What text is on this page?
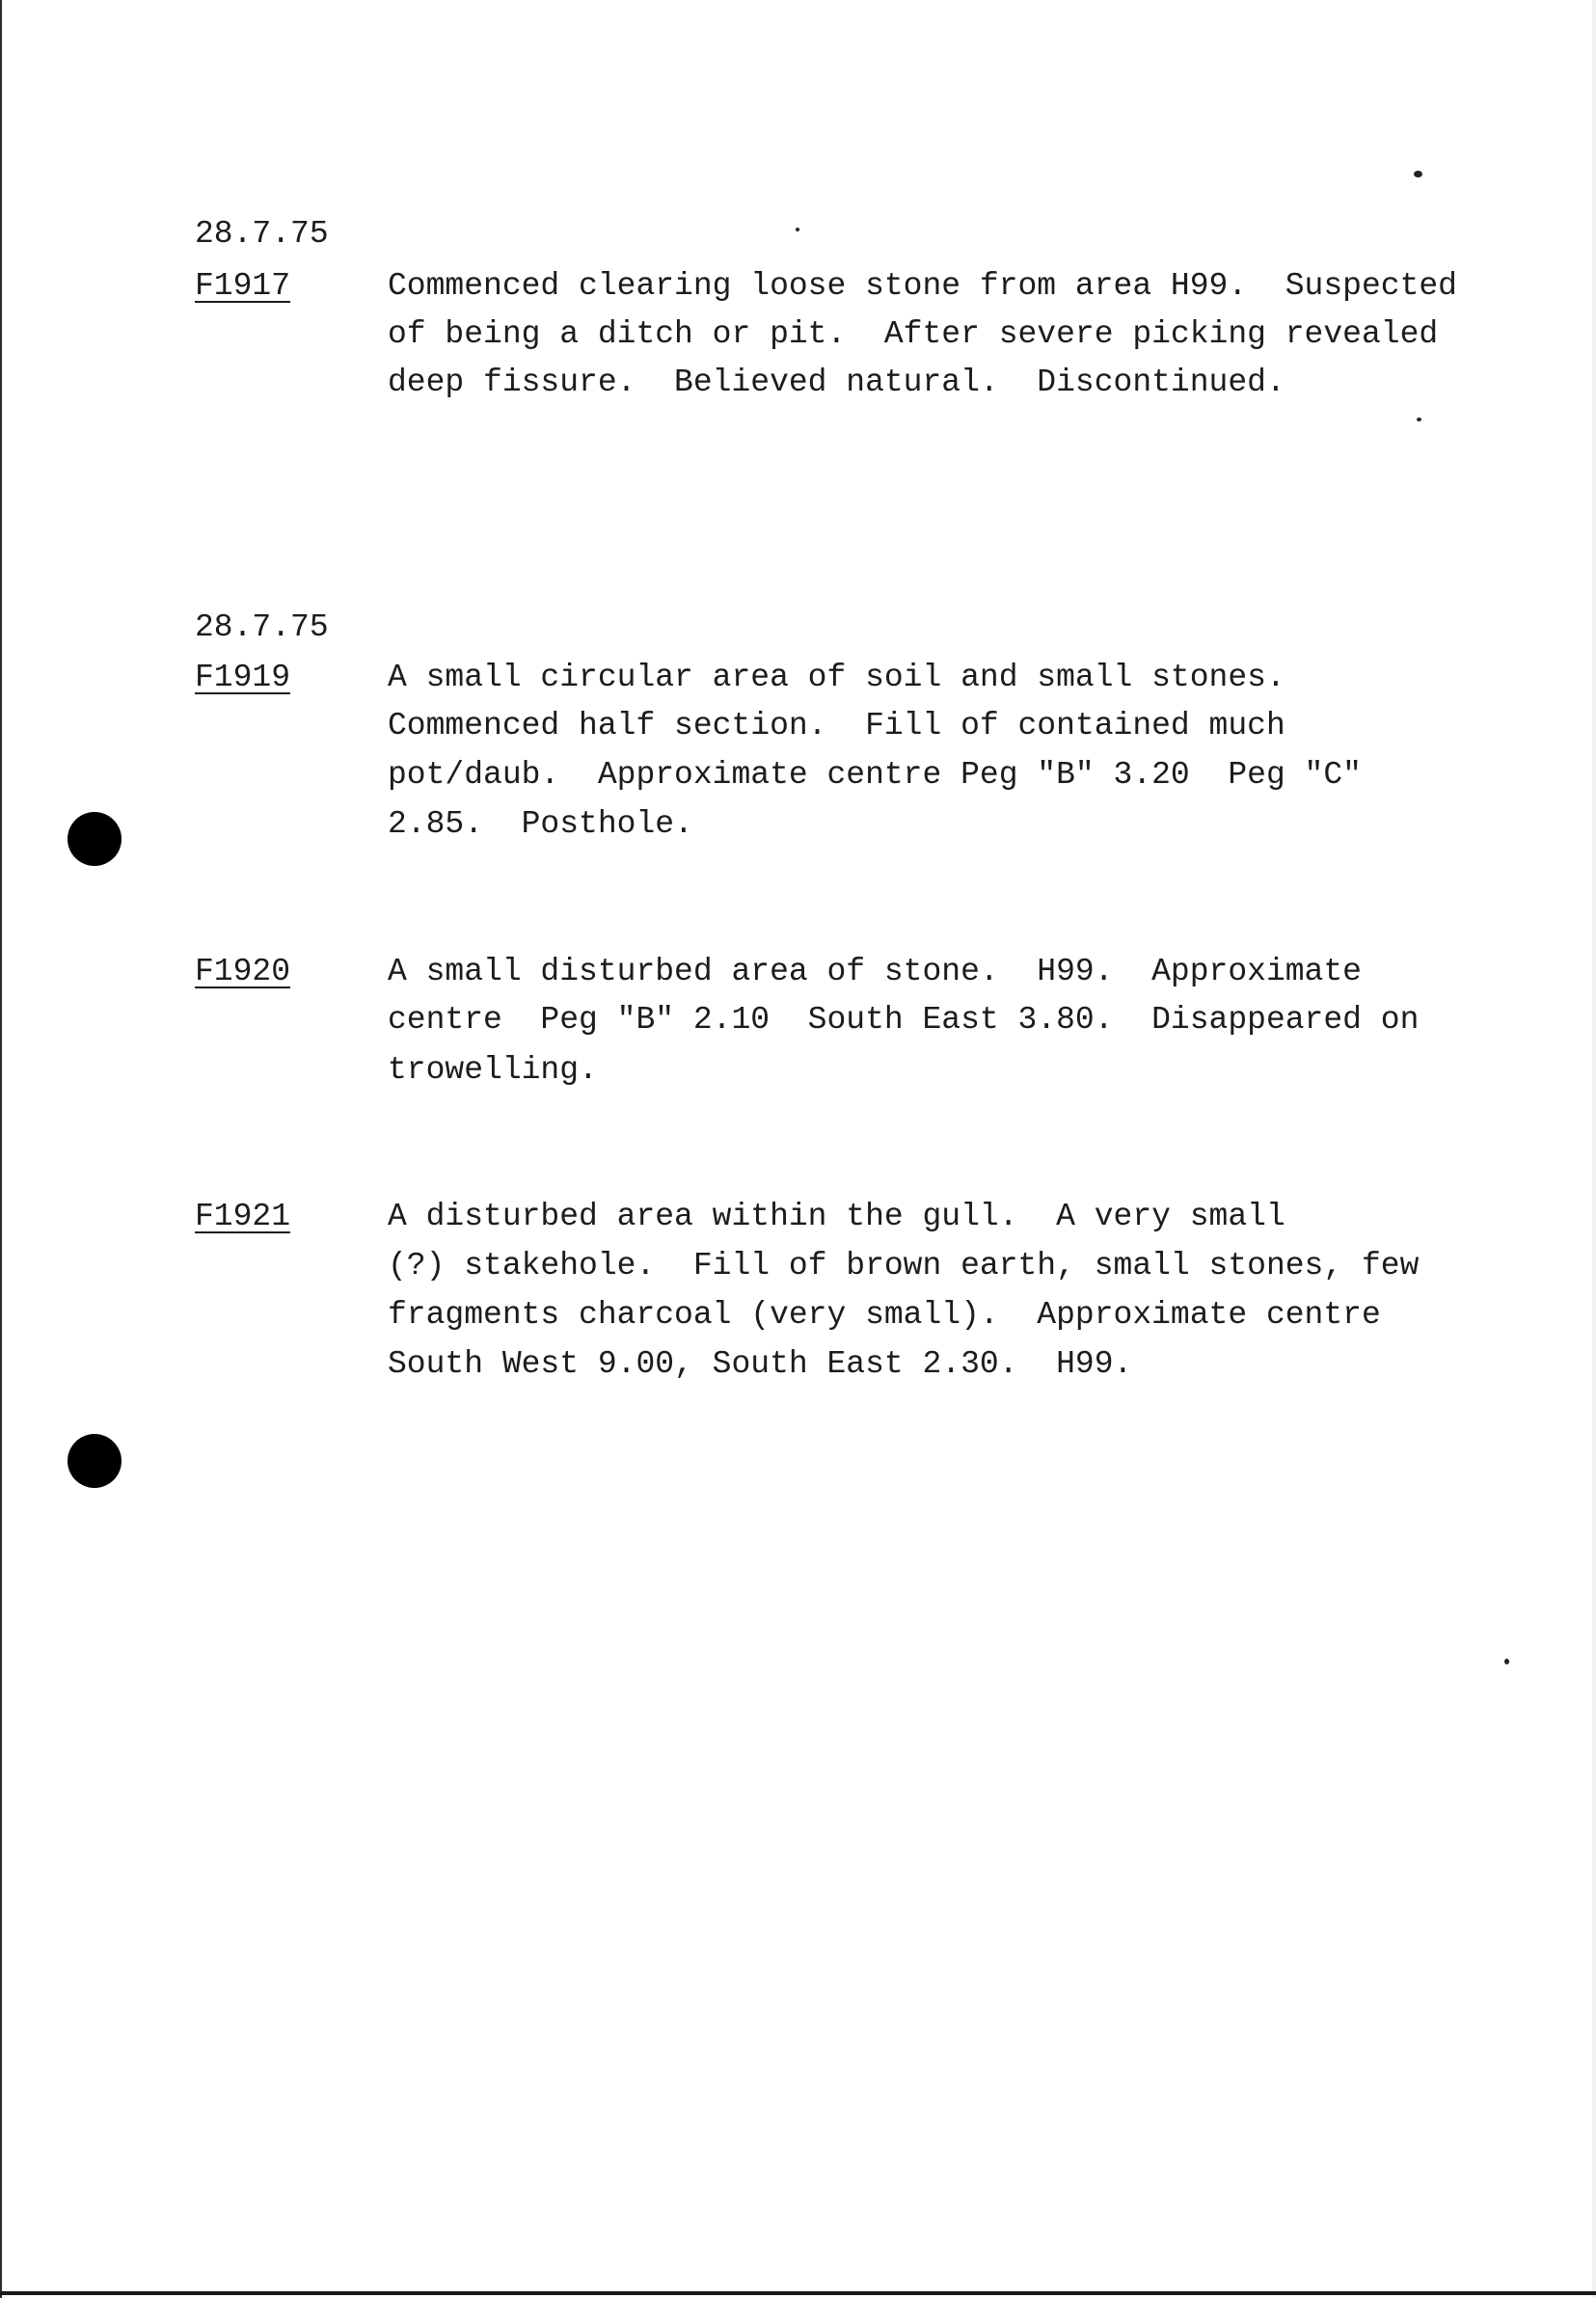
28.7.75
F1917	Commenced clearing loose stone from area H99.  Suspected
of being a ditch or pit.  After severe picking revealed
deep fissure.  Believed natural.  Discontinued.
28.7.75
F1919	A small circular area of soil and small stones.
Commenced half section.  Fill of contained much
pot/daub.  Approximate centre Peg "B" 3.20  Peg "C"
2.85.  Posthole.
F1920	A small disturbed area of stone.  H99.  Approximate
centre  Peg "B" 2.10  South East 3.80.  Disappeared on
trowelling.
F1921	A disturbed area within the gull.  A very small
(?) stakehole.  Fill of brown earth, small stones, few
fragments charcoal (very small).  Approximate centre
South West 9.00, South East 2.30.  H99.
